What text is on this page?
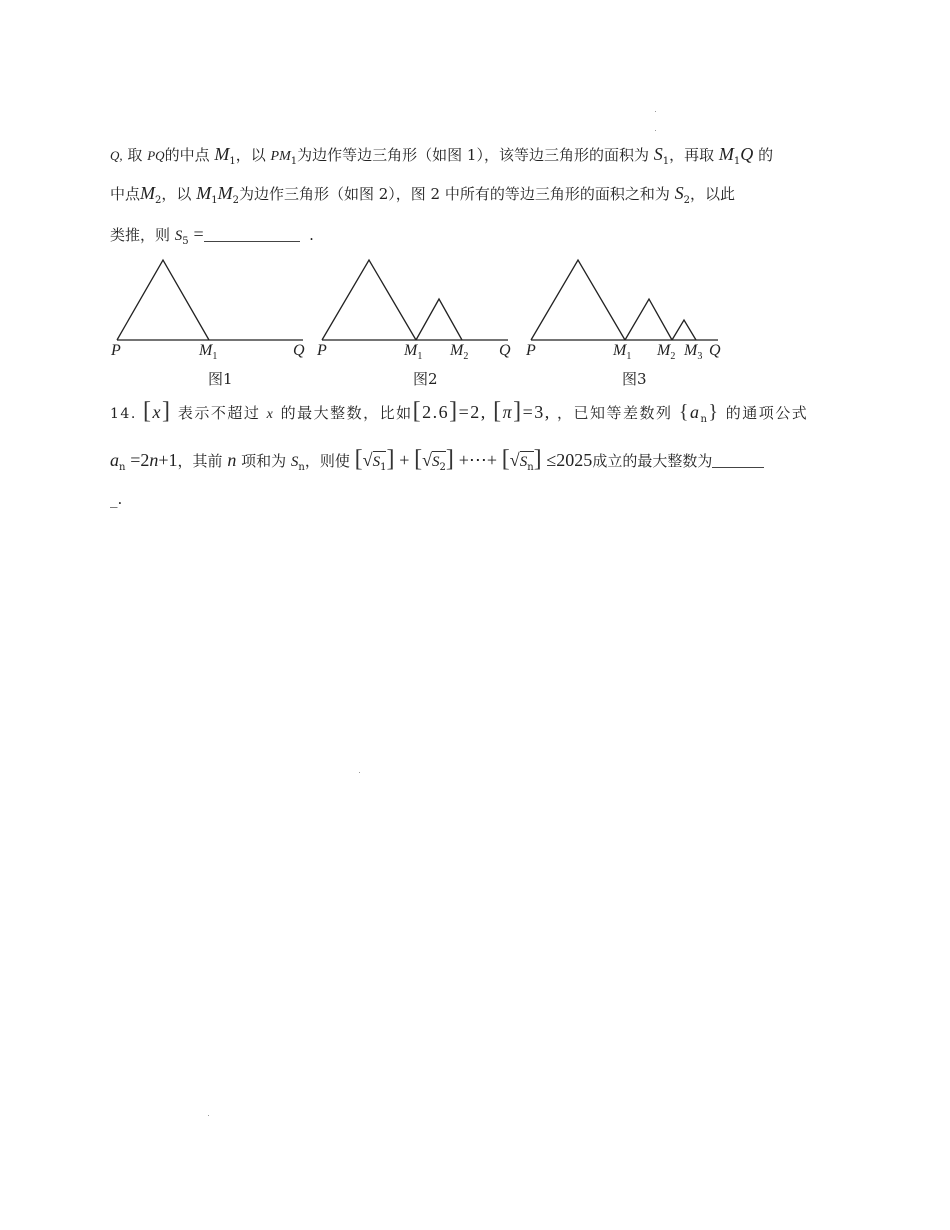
Q, 取 PQ的中点 $M_1$，以 $PM_1$为边作等边三角形（如图 1），该等边三角形的面积为 $S_1$，再取 $M_1Q$ 的
中点$M_2$，以 $M_1M_2$为边作三角形（如图 2），图 2 中所有的等边三角形的面积之和为 $S_2$，以此
类推，则 $S_5$ =	.
P	$M_1$	Q
图1
P	$M_1$ $M_2$ Q
图2
P	$M_1$ $M_2$ $M_3$ Q
图3
14. [x] 表示不超过 x 的最大整数，比如[2.6]=2, [π]=3, ，已知等差数列 $\{a_n\}$ 的通项公式
$a_n =2n+1$，其前 n 项和为 $S_n$，则使 $[√S_1] + [√S_2]$ +⋯+ $[√S_n] \le 2025$成立的最大整数为
_.
